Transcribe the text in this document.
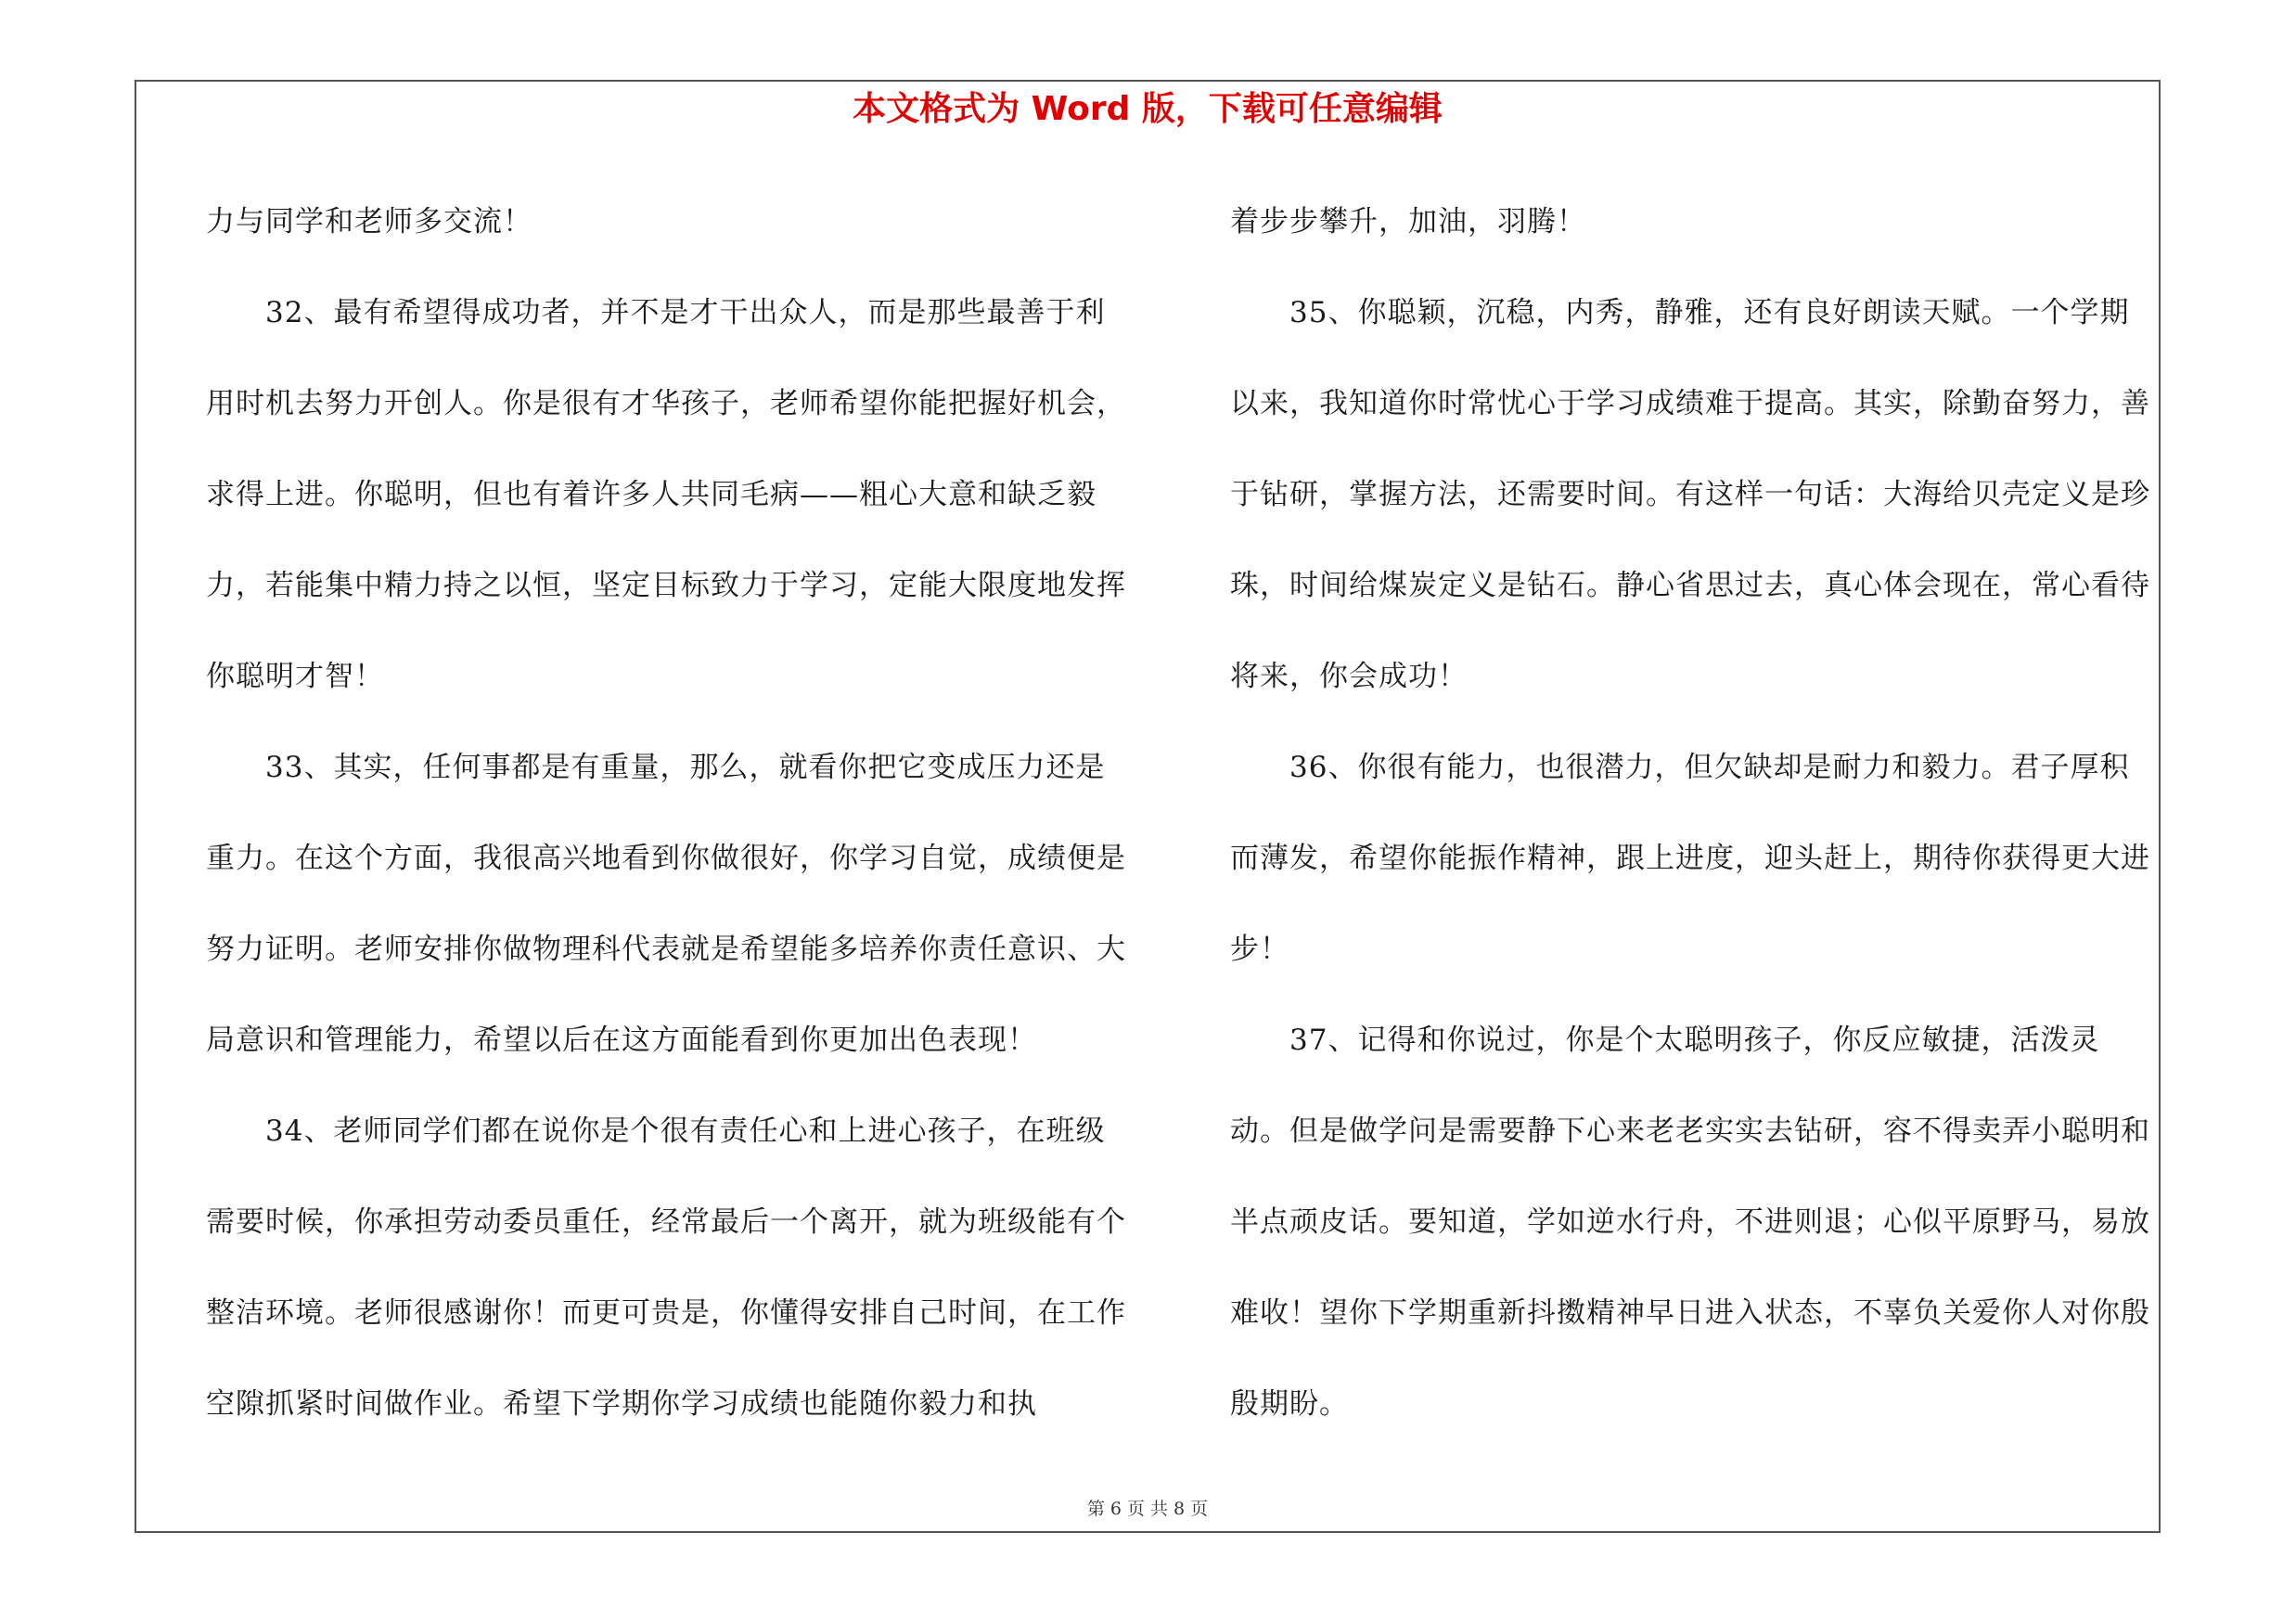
本文格式为 Word 版，下载可任意编辑

力与同学和老师多交流！

32、最有希望得成功者，并不是才干出众人，而是那些最善于利用时机去努力开创人。你是很有才华孩子，老师希望你能把握好机会，求得上进。你聪明，但也有着许多人共同毛病——粗心大意和缺乏毅力，若能集中精力持之以恒，坚定目标致力于学习，定能大限度地发挥你聪明才智！

33、其实，任何事都是有重量，那么，就看你把它变成压力还是重力。在这个方面，我很高兴地看到你做很好，你学习自觉，成绩便是努力证明。老师安排你做物理科代表就是希望能多培养你责任意识、大局意识和管理能力，希望以后在这方面能看到你更加出色表现！

34、老师同学们都在说你是个很有责任心和上进心孩子，在班级需要时候，你承担劳动委员重任，经常最后一个离开，就为班级能有个整洁环境。老师很感谢你！而更可贵是，你懂得安排自己时间，在工作空隙抓紧时间做作业。希望下学期你学习成绩也能随你毅力和执

着步步攀升，加油，羽腾！

35、你聪颖，沉稳，内秀，静雅，还有良好朗读天赋。一个学期以来，我知道你时常忧心于学习成绩难于提高。其实，除勤奋努力，善于钻研，掌握方法，还需要时间。有这样一句话：大海给贝壳定义是珍珠，时间给煤炭定义是钻石。静心省思过去，真心体会现在，常心看待将来，你会成功！

36、你很有能力，也很潜力，但欠缺却是耐力和毅力。君子厚积而薄发，希望你能振作精神，跟上进度，迎头赶上，期待你获得更大进步！

37、记得和你说过，你是个太聪明孩子，你反应敏捷，活泼灵动。但是做学问是需要静下心来老老实实去钻研，容不得卖弄小聪明和半点顽皮话。要知道，学如逆水行舟，不进则退；心似平原野马，易放难收！望你下学期重新抖擞精神早日进入状态，不辜负关爱你人对你殷殷期盼。

第 6 页 共 8 页
